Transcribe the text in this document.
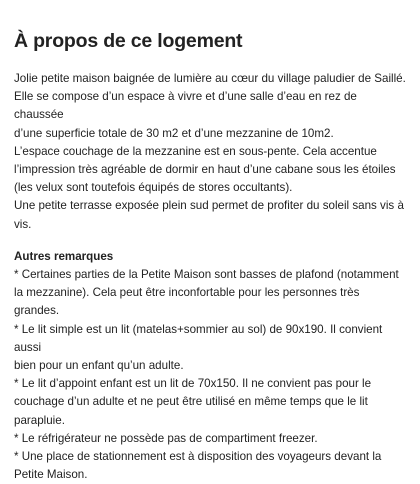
À propos de ce logement

Jolie petite maison baignée de lumière au cœur du village paludier de Saillé.
Elle se compose d’un espace à vivre et d’une salle d’eau en rez de chaussée
d’une superficie totale de 30 m2 et d’une mezzanine de 10m2.
L’espace couchage de la mezzanine est en sous-pente. Cela accentue
l’impression très agréable de dormir en haut d’une cabane sous les étoiles
(les velux sont toutefois équipés de stores occultants).
Une petite terrasse exposée plein sud permet de profiter du soleil sans vis à
vis.

Autres remarques

* Certaines parties de la Petite Maison sont basses de plafond (notamment
la mezzanine). Cela peut être inconfortable pour les personnes très grandes.
* Le lit simple est un lit (matelas+sommier au sol) de 90x190. Il convient aussi
bien pour un enfant qu’un adulte.
* Le lit d’appoint enfant est un lit de 70x150. Il ne convient pas pour le
couchage d’un adulte et ne peut être utilisé en même temps que le lit
parapluie.
* Le réfrigérateur ne possède pas de compartiment freezer.
* Une place de stationnement est à disposition des voyageurs devant la
Petite Maison.
